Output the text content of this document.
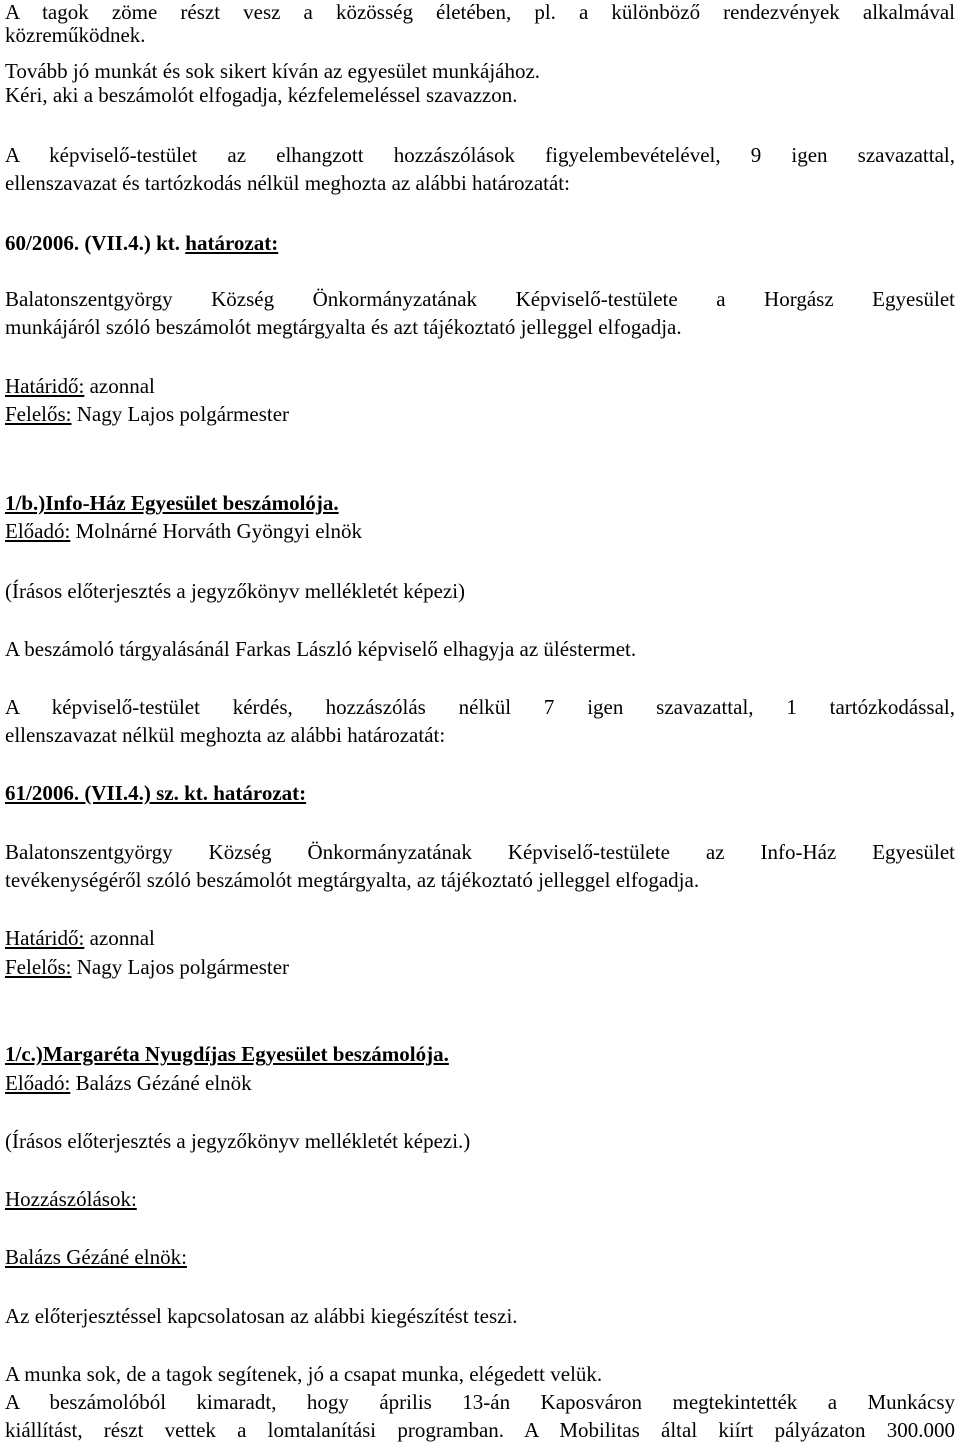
A tagok zöme részt vesz a közösség életében, pl. a különböző rendezvények alkalmával
közreműködnek.
Tovább jó munkát és sok sikert kíván az egyesület munkájához.
Kéri, aki a beszámolót elfogadja, kézfelemeléssel szavazzon.
A képviselő-testület az elhangzott hozzászólások figyelembevételével, 9 igen szavazattal,
ellenszavazat és tartózkodás nélkül meghozta az alábbi határozatát:
60/2006. (VII.4.) kt. határozat:
Balatonszentgyörgy Község Önkormányzatának Képviselő-testülete a Horgász Egyesület
munkájáról szóló beszámolót megtárgyalta és azt tájékoztató jelleggel elfogadja.
Határidő: azonnal
Felelős: Nagy Lajos polgármester
1/b.)Info-Ház Egyesület beszámolója.
Előadó: Molnárné Horváth Gyöngyi elnök
(Írásos előterjesztés a jegyzőkönyv mellékletét képezi)
A beszámoló tárgyalásánál Farkas László képviselő elhagyja az üléstermet.
A képviselő-testület kérdés, hozzászólás nélkül 7 igen szavazattal, 1 tartózkodással,
ellenszavazat nélkül meghozta az alábbi határozatát:
61/2006. (VII.4.) sz. kt. határozat:
Balatonszentgyörgy Község Önkormányzatának Képviselő-testülete az Info-Ház Egyesület
tevékenységéről szóló beszámolót megtárgyalta, az tájékoztató jelleggel elfogadja.
Határidő: azonnal
Felelős: Nagy Lajos polgármester
1/c.)Margaréta Nyugdíjas Egyesület beszámolója.
Előadó: Balázs Gézáné elnök
(Írásos előterjesztés a jegyzőkönyv mellékletét képezi.)
Hozzászólások:
Balázs Gézáné elnök:
Az előterjesztéssel kapcsolatosan az alábbi kiegészítést teszi.
A munka sok, de a tagok segítenek, jó a csapat munka, elégedett velük.
A beszámolóból kimaradt, hogy április 13-án Kaposváron megtekintették a Munkácsy
kiállítást, részt vettek a lomtalanítási programban. A Mobilitas által kiírt pályázaton 300.000
